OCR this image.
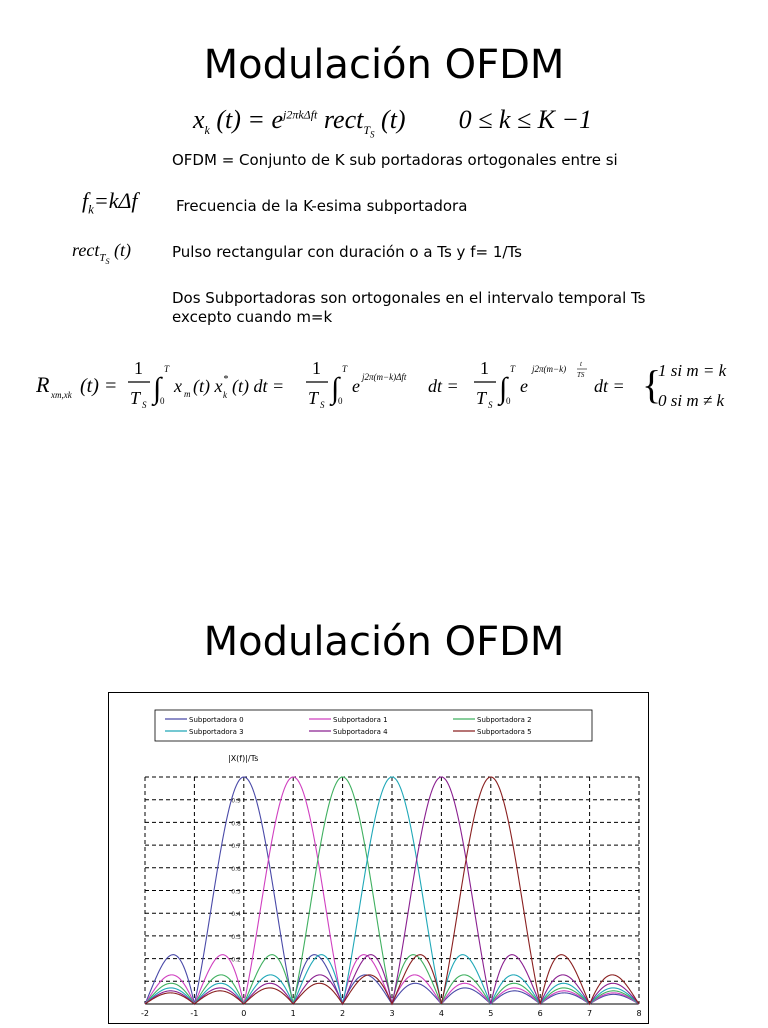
Modulación OFDM
$x_k$ $(t) = e^{j2\pi k\Delta ft}$ rect$_{T_S}$ (t) 0 ≤ k ≤ K −1
OFDM = Conjunto de K sub portadoras ortogonales entre si
$f_k=k\Delta f$	Frecuencia de la K-esima subportadora
rect$_{T_S}$ (t)	Pulso rectangular con duración o a Ts y f= 1/Ts
Dos Subportadoras son ortogonales en el intervalo temporal Ts
excepto cuando m=k
R xm,xk (t) =
1
T S ∫
T
0
x m (t) x *
k (t) dt =
1
T S ∫
T
0
e j2π(m−k)Δft dt =
1
T S ∫
T
0
e
j2π(m−k) t
TS
dt = {
1 si m = k
0 si m ≠ k
Modulación OFDM
Subportadora 0	Subportadora 1	Subportadora 2
Subportadora 3	Subportadora 4	Subportadora 5
|X(f)|/Ts
-2	-1	0	1	2	3	4	5	6	7	8
0.9
0.8
0.7
0.6
0.5
0.4
0.3
0.2
